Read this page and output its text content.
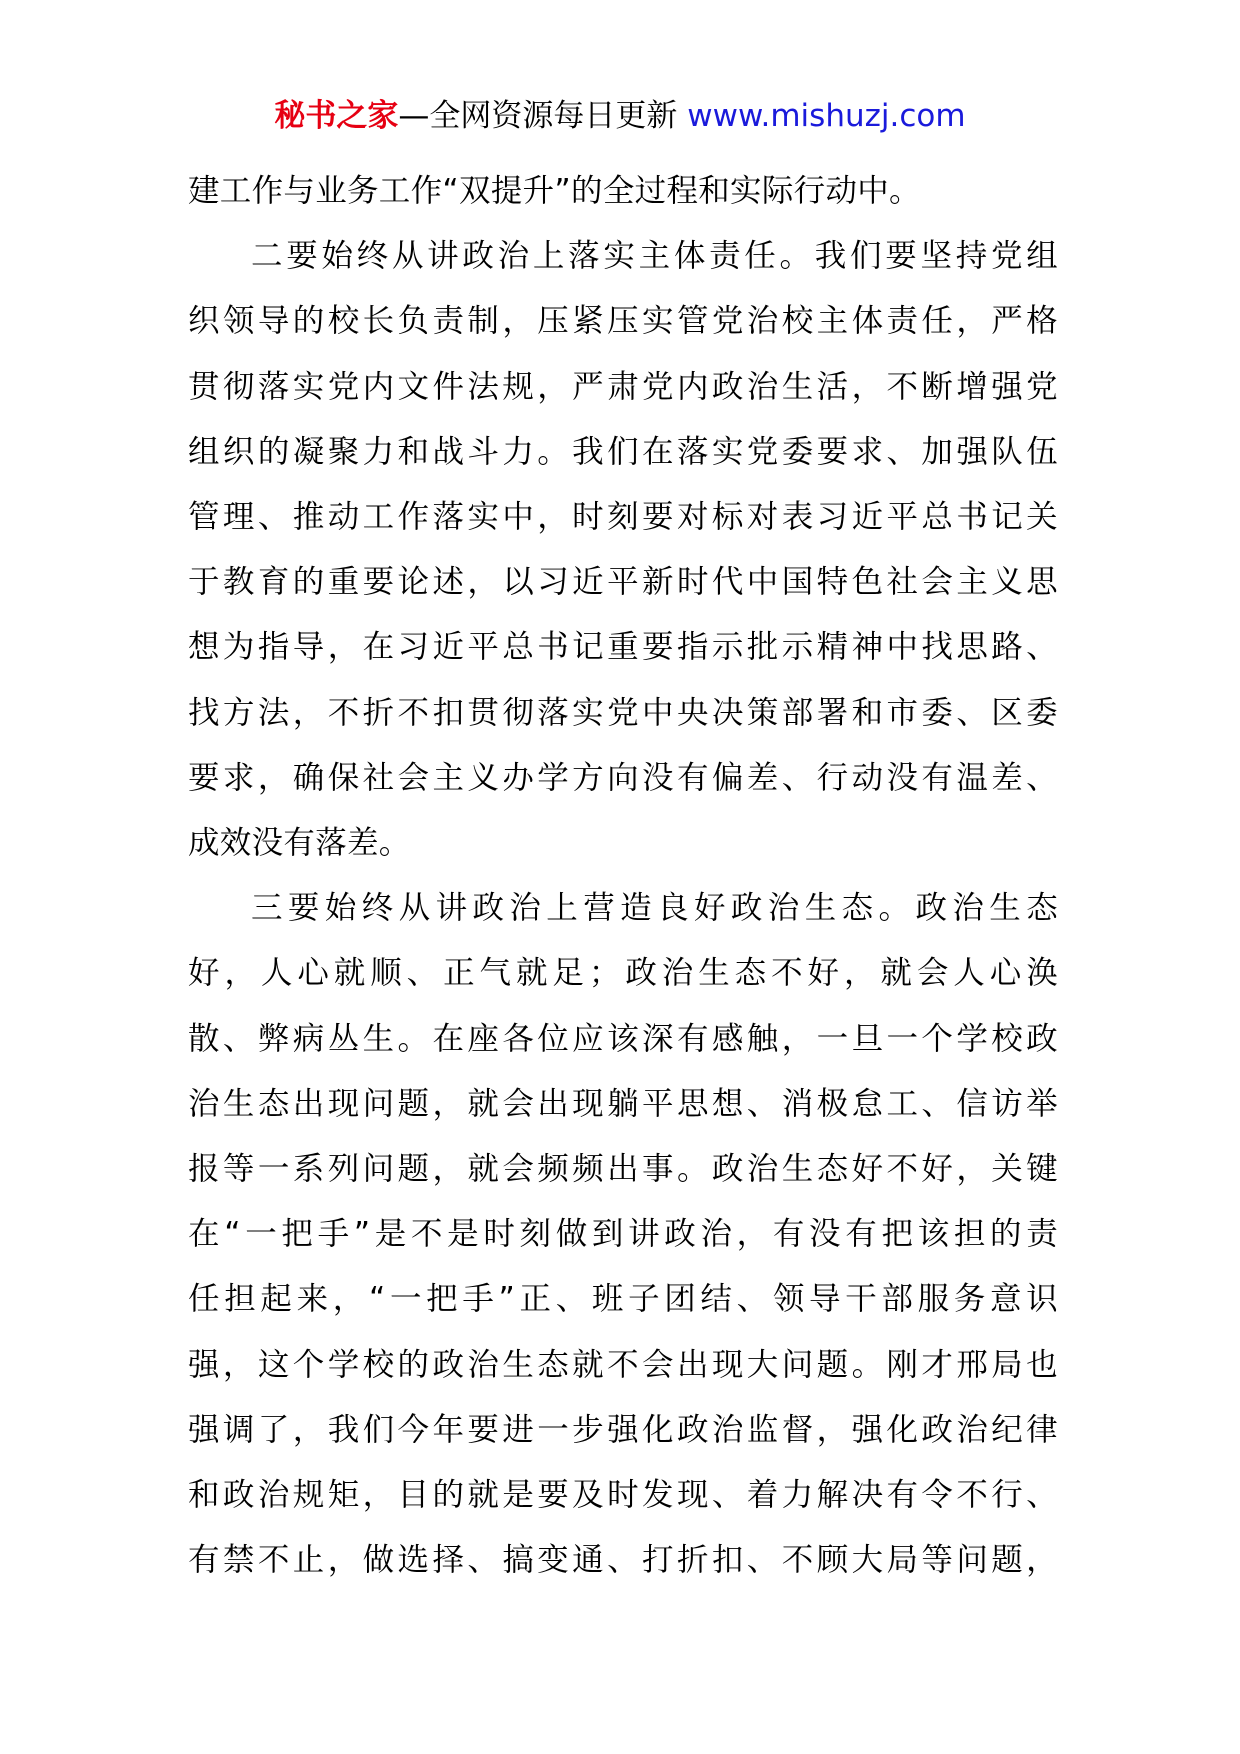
秘书之家—全网资源每日更新 www.mishuzj.com

建工作与业务工作“双提升”的全过程和实际行动中。

二要始终从讲政治上落实主体责任。我们要坚持党组
织领导的校长负责制，压紧压实管党治校主体责任，严格
贯彻落实党内文件法规，严肃党内政治生活，不断增强党
组织的凝聚力和战斗力。我们在落实党委要求、加强队伍
管理、推动工作落实中，时刻要对标对表习近平总书记关
于教育的重要论述，以习近平新时代中国特色社会主义思
想为指导，在习近平总书记重要指示批示精神中找思路、
找方法，不折不扣贯彻落实党中央决策部署和市委、区委
要求，确保社会主义办学方向没有偏差、行动没有温差、
成效没有落差。

三要始终从讲政治上营造良好政治生态。政治生态
好，人心就顺、正气就足；政治生态不好，就会人心涣
散、弊病丛生。在座各位应该深有感触，一旦一个学校政
治生态出现问题，就会出现躺平思想、消极怠工、信访举
报等一系列问题，就会频频出事。政治生态好不好，关键
在“一把手”是不是时刻做到讲政治，有没有把该担的责
任担起来，“一把手”正、班子团结、领导干部服务意识
强，这个学校的政治生态就不会出现大问题。刚才邢局也
强调了，我们今年要进一步强化政治监督，强化政治纪律
和政治规矩，目的就是要及时发现、着力解决有令不行、
有禁不止，做选择、搞变通、打折扣、不顾大局等问题，
